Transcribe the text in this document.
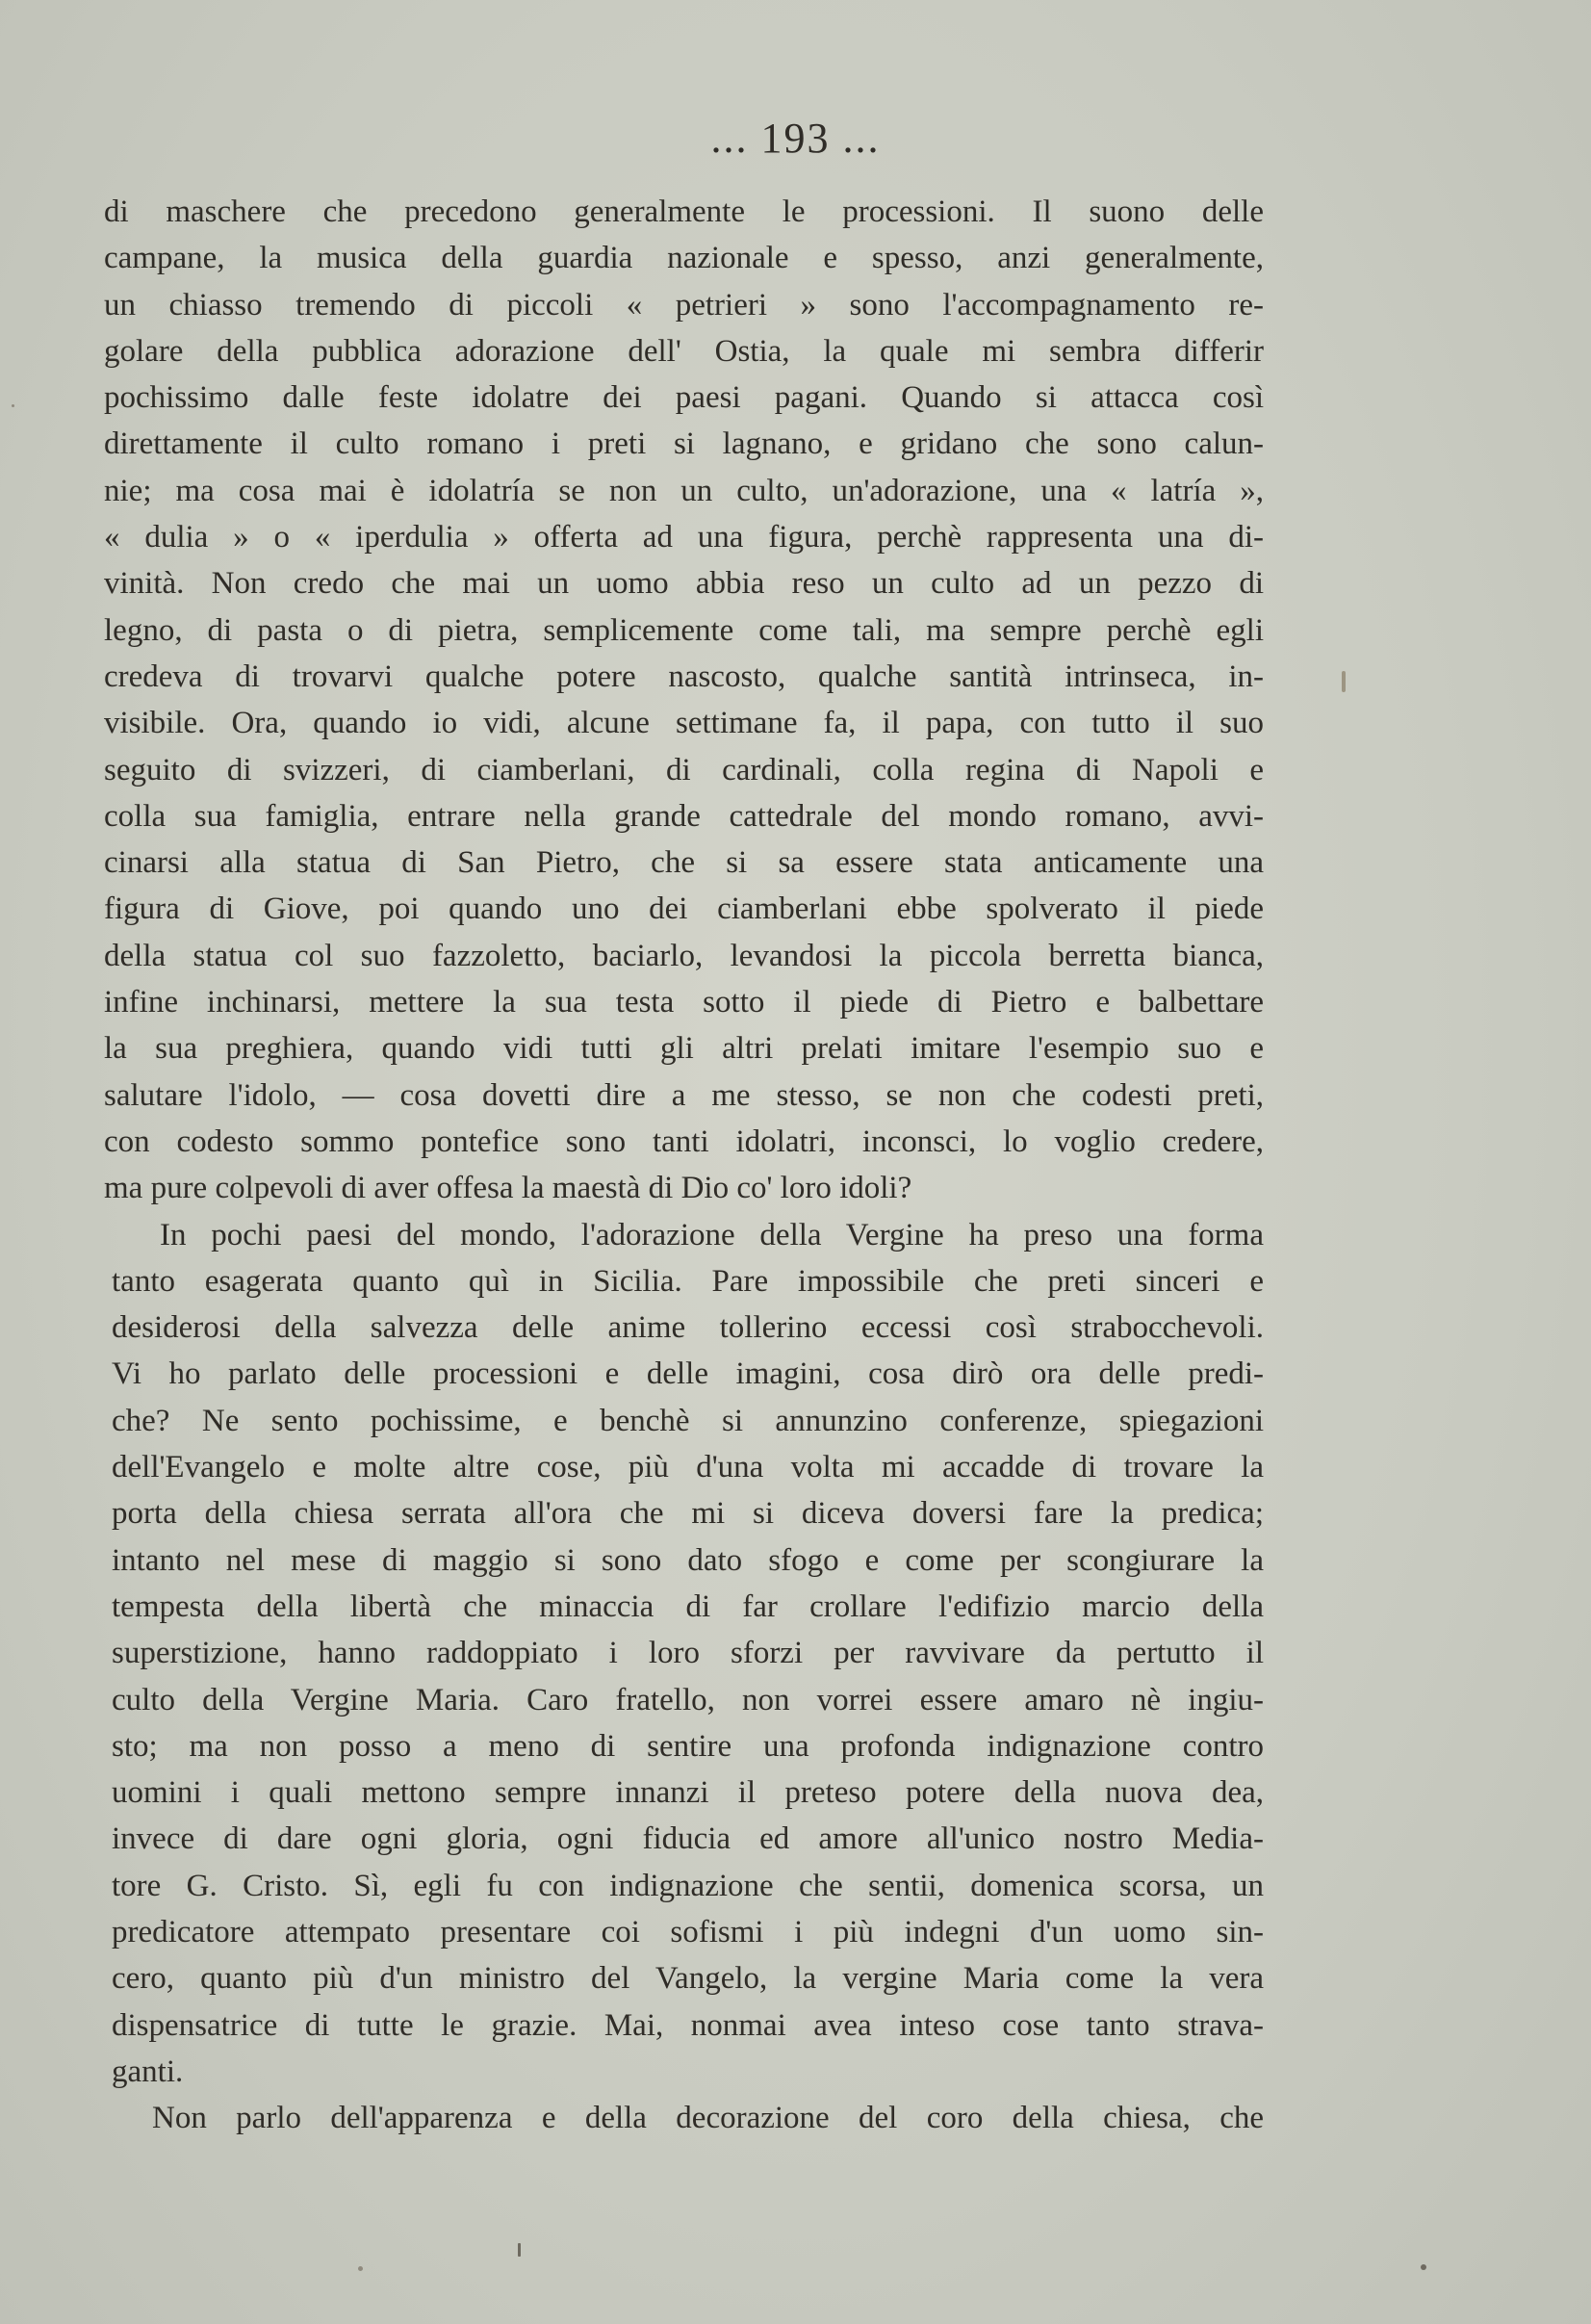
... 193 ...
di maschere che precedono generalmente le processioni. Il suono delle
campane, la musica della guardia nazionale e spesso, anzi generalmente,
un chiasso tremendo di piccoli « petrieri » sono l'accompagnamento re-
golare della pubblica adorazione dell' Ostia, la quale mi sembra differir
pochissimo dalle feste idolatre dei paesi pagani. Quando si attacca così
direttamente il culto romano i preti si lagnano, e gridano che sono calun-
nie; ma cosa mai è idolatría se non un culto, un'adorazione, una « latría »,
« dulia » o « iperdulia » offerta ad una figura, perchè rappresenta una di-
vinità. Non credo che mai un uomo abbia reso un culto ad un pezzo di
legno, di pasta o di pietra, semplicemente come tali, ma sempre perchè egli
credeva di trovarvi qualche potere nascosto, qualche santità intrinseca, in-
visibile. Ora, quando io vidi, alcune settimane fa, il papa, con tutto il suo
seguito di svizzeri, di ciamberlani, di cardinali, colla regina di Napoli e
colla sua famiglia, entrare nella grande cattedrale del mondo romano, avvi-
cinarsi alla statua di San Pietro, che si sa essere stata anticamente una
figura di Giove, poi quando uno dei ciamberlani ebbe spolverato il piede
della statua col suo fazzoletto, baciarlo, levandosi la piccola berretta bianca,
infine inchinarsi, mettere la sua testa sotto il piede di Pietro e balbettare
la sua preghiera, quando vidi tutti gli altri prelati imitare l'esempio suo e
salutare l'idolo, — cosa dovetti dire a me stesso, se non che codesti preti,
con codesto sommo pontefice sono tanti idolatri, inconsci, lo voglio credere,
ma pure colpevoli di aver offesa la maestà di Dio co' loro idoli?
In pochi paesi del mondo, l'adorazione della Vergine ha preso una forma
tanto esagerata quanto quì in Sicilia. Pare impossibile che preti sinceri e
desiderosi della salvezza delle anime tollerino eccessi così strabocchevoli.
Vi ho parlato delle processioni e delle imagini, cosa dirò ora delle predi-
che? Ne sento pochissime, e benchè si annunzino conferenze, spiegazioni
dell'Evangelo e molte altre cose, più d'una volta mi accadde di trovare la
porta della chiesa serrata all'ora che mi si diceva doversi fare la predica;
intanto nel mese di maggio si sono dato sfogo e come per scongiurare la
tempesta della libertà che minaccia di far crollare l'edifizio marcio della
superstizione, hanno raddoppiato i loro sforzi per ravvivare da pertutto il
culto della Vergine Maria. Caro fratello, non vorrei essere amaro nè ingiu-
sto; ma non posso a meno di sentire una profonda indignazione contro
uomini i quali mettono sempre innanzi il preteso potere della nuova dea,
invece di dare ogni gloria, ogni fiducia ed amore all'unico nostro Media-
tore G. Cristo. Sì, egli fu con indignazione che sentii, domenica scorsa, un
predicatore attempato presentare coi sofismi i più indegni d'un uomo sin-
cero, quanto più d'un ministro del Vangelo, la vergine Maria come la vera
dispensatrice di tutte le grazie. Mai, nonmai avea inteso cose tanto strava-
ganti.
Non parlo dell'apparenza e della decorazione del coro della chiesa, che
